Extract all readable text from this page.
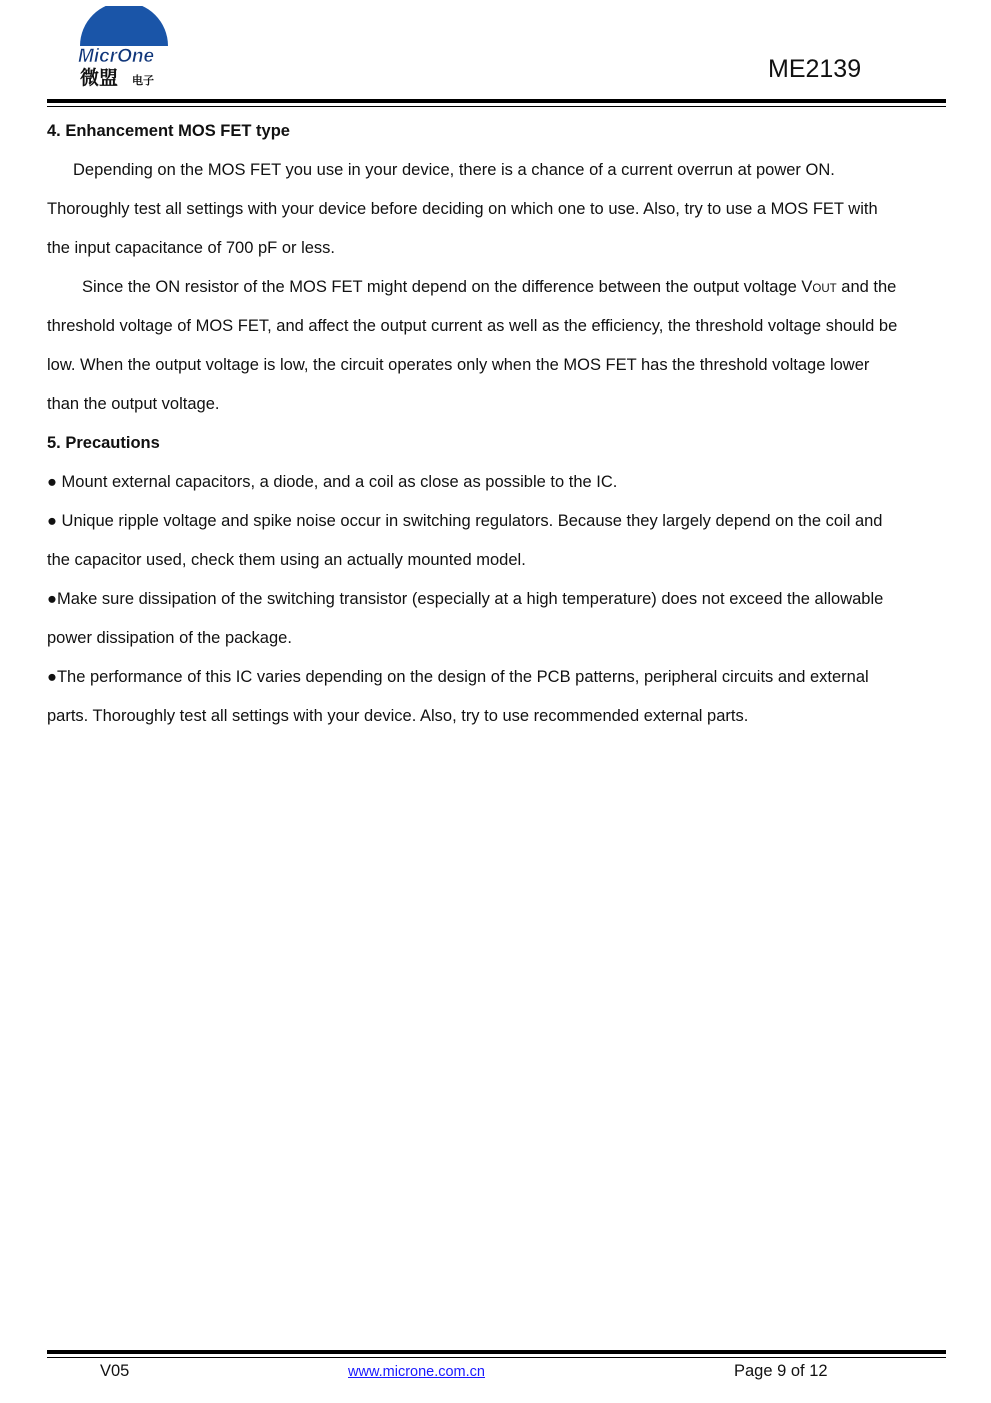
MicrOne
微盟 电子	ME2139
4. Enhancement MOS FET type
Depending on the MOS FET you use in your device, there is a chance of a current overrun at power ON.
Thoroughly test all settings with your device before deciding on which one to use. Also, try to use a MOS FET with
the input capacitance of 700 pF or less.
Since the ON resistor of the MOS FET might depend on the difference between the output voltage VOUT and the
threshold voltage of MOS FET, and affect the output current as well as the efficiency, the threshold voltage should be
low. When the output voltage is low, the circuit operates only when the MOS FET has the threshold voltage lower
than the output voltage.
5. Precautions
● Mount external capacitors, a diode, and a coil as close as possible to the IC.
● Unique ripple voltage and spike noise occur in switching regulators. Because they largely depend on the coil and
the capacitor used, check them using an actually mounted model.
●Make sure dissipation of the switching transistor (especially at a high temperature) does not exceed the allowable
power dissipation of the package.
●The performance of this IC varies depending on the design of the PCB patterns, peripheral circuits and external
parts. Thoroughly test all settings with your device. Also, try to use recommended external parts.
V05	www.microne.com.cn	Page 9 of 12
